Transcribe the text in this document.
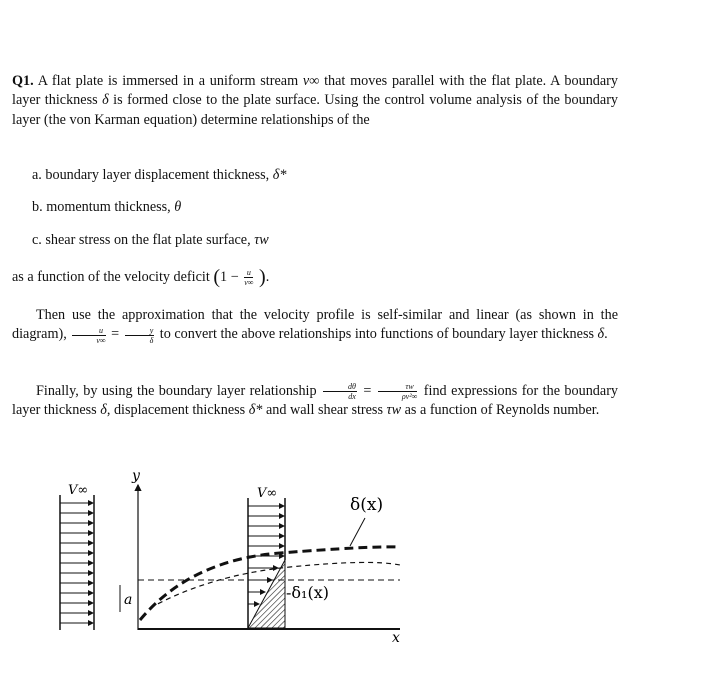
Q1. A flat plate is immersed in a uniform stream v∞ that moves parallel with the flat plate. A boundary layer thickness δ is formed close to the plate surface. Using the control volume analysis of the boundary layer (the von Karman equation) determine relationships of the
a. boundary layer displacement thickness, δ*
b. momentum thickness, θ
c. shear stress on the flat plate surface, τw
as a function of the velocity deficit ($1 - \frac{u}{v\infty}$ ).
Then use the approximation that the velocity profile is self-similar and linear (as shown in the diagram), $\frac{u}{v\infty} = \frac{y}{\delta}$ to convert the above relationships into functions of boundary layer thickness δ.
Finally, by using the boundary layer relationship $\frac{d\theta}{dx} = \frac{\tau w}{\text{ρv²∞}}$ find expressions for the boundary layer thickness δ, displacement thickness δ* and wall shear stress τw as a function of Reynolds number.
V∞
y
x
a
V∞
δ(x)
-δ₁(x)
